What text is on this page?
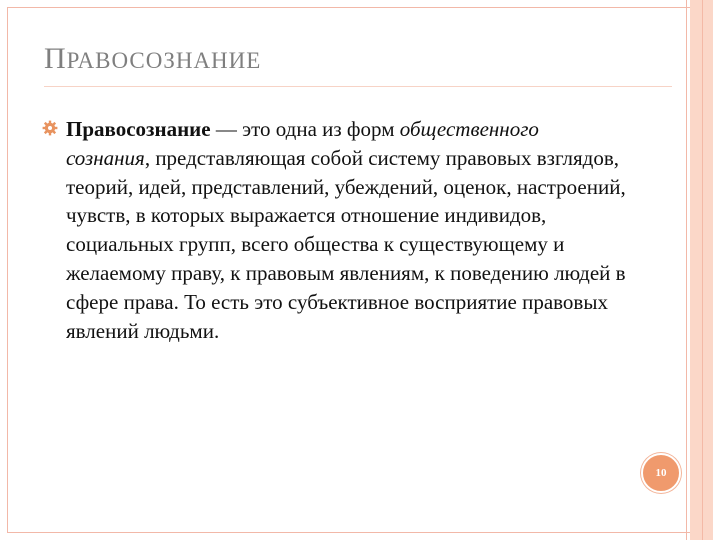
ПРАВОСОЗНАНИЕ
Правосознание — это одна из форм общественного сознания, представляющая собой систему правовых взглядов, теорий, идей, представлений, убеждений, оценок, настроений, чувств, в которых выражается отношение индивидов, социальных групп, всего общества к существующему и желаемому праву, к правовым явлениям, к поведению людей в сфере права. То есть это субъективное восприятие правовых явлений людьми.
10
